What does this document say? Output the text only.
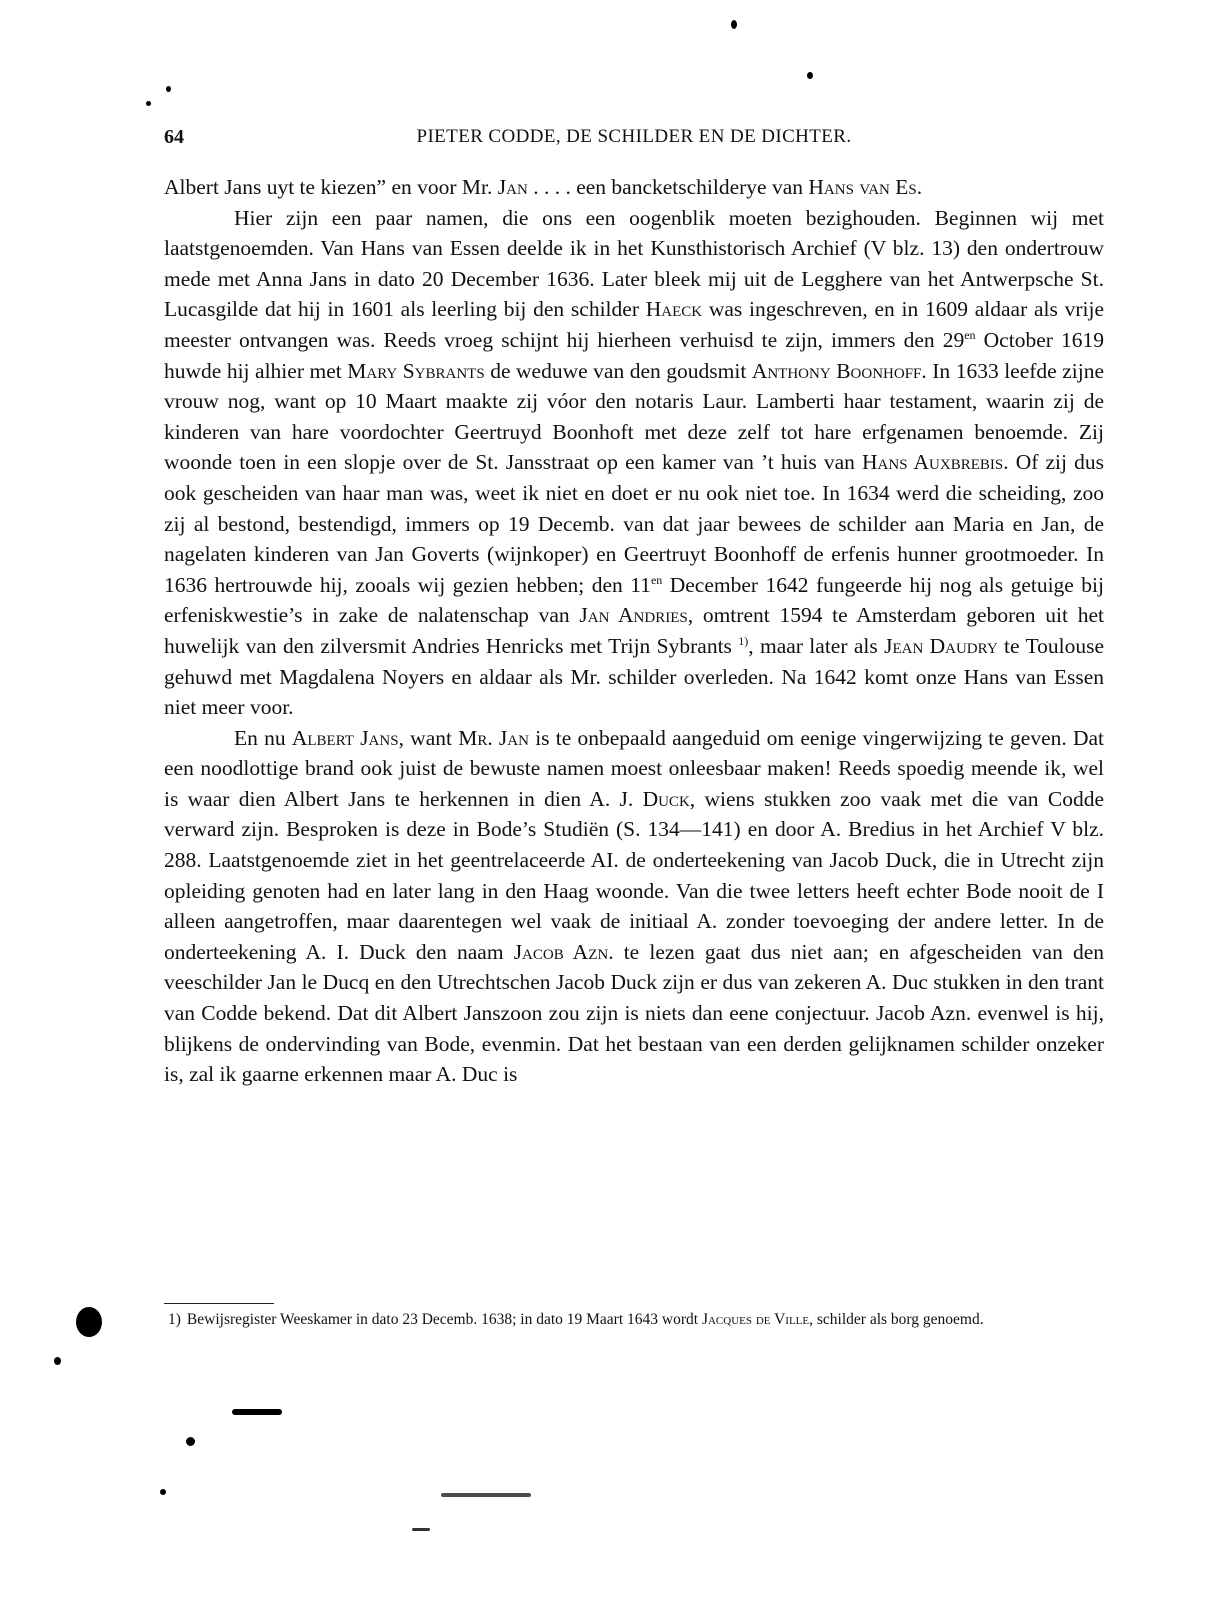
64	PIETER CODDE, DE SCHILDER EN DE DICHTER.

Albert Jans uyt te kiezen” en voor Mr. Jan . . . . een bancketschilderye van Hans van Es.

Hier zijn een paar namen, die ons een oogenblik moeten bezighouden. Beginnen wij met laatstgenoemden. Van Hans van Essen deelde ik in het Kunsthistorisch Archief (V blz. 13) den ondertrouw mede met Anna Jans in dato 20 December 1636. Later bleek mij uit de Legghere van het Antwerpsche St. Lucasgilde dat hij in 1601 als leerling bij den schilder Haeck was ingeschreven, en in 1609 aldaar als vrije meester ontvangen was. Reeds vroeg schijnt hij hierheen verhuisd te zijn, immers den $29^{en}$ October 1619 huwde hij alhier met Mary Sybrants de weduwe van den goudsmit Anthony Boonhoff. In 1633 leefde zijne vrouw nog, want op 10 Maart maakte zij vóor den notaris Laur. Lamberti haar testament, waarin zij de kinderen van hare voordochter Geertruyd Boonhoft met deze zelf tot hare erfgenamen benoemde. Zij woonde toen in een slopje over de St. Jansstraat op een kamer van ’t huis van Hans Auxbrebis. Of zij dus ook gescheiden van haar man was, weet ik niet en doet er nu ook niet toe. In 1634 werd die scheiding, zoo zij al bestond, bestendigd, immers op 19 Decemb. van dat jaar bewees de schilder aan Maria en Jan, de nagelaten kinderen van Jan Goverts (wijnkoper) en Geertruyt Boonhoff de erfenis hunner grootmoeder. In 1636 hertrouwde hij, zooals wij gezien hebben; den $11^{en}$ December 1642 fungeerde hij nog als getuige bij erfeniskwestie’s in zake de nalatenschap van Jan Andries, omtrent 1594 te Amsterdam geboren uit het huwelijk van den zilversmit Andries Henricks met Trijn Sybrants $^{1)}$, maar later als Jean Daudry te Toulouse gehuwd met Magdalena Noyers en aldaar als Mr. schilder overleden. Na 1642 komt onze Hans van Essen niet meer voor.

En nu Albert Jans, want Mr. Jan is te onbepaald aangeduid om eenige vingerwijzing te geven. Dat een noodlottige brand ook juist de bewuste namen moest onleesbaar maken! Reeds spoedig meende ik, wel is waar dien Albert Jans te herkennen in dien A. J. Duck, wiens stukken zoo vaak met die van Codde verward zijn. Besproken is deze in Bode’s Studiën (S. 134—141) en door A. Bredius in het Archief V blz. 288. Laatstgenoemde ziet in het geentrelaceerde AI. de onderteekening van Jacob Duck, die in Utrecht zijn opleiding genoten had en later lang in den Haag woonde. Van die twee letters heeft echter Bode nooit de I alleen aangetroffen, maar daarentegen wel vaak de initiaal A. zonder toevoeging der andere letter. In de onderteekening A. I. Duck den naam Jacob Azn. te lezen gaat dus niet aan; en afgescheiden van den veeschilder Jan le Ducq en den Utrechtschen Jacob Duck zijn er dus van zekeren A. Duc stukken in den trant van Codde bekend. Dat dit Albert Janszoon zou zijn is niets dan eene conjectuur. Jacob Azn. evenwel is hij, blijkens de ondervinding van Bode, evenmin. Dat het bestaan van een derden gelijknamen schilder onzeker is, zal ik gaarne erkennen maar A. Duc is

1) Bewijsregister Weeskamer in dato 23 Decemb. 1638; in dato 19 Maart 1643 wordt Jacques de Ville, schilder als borg genoemd.
